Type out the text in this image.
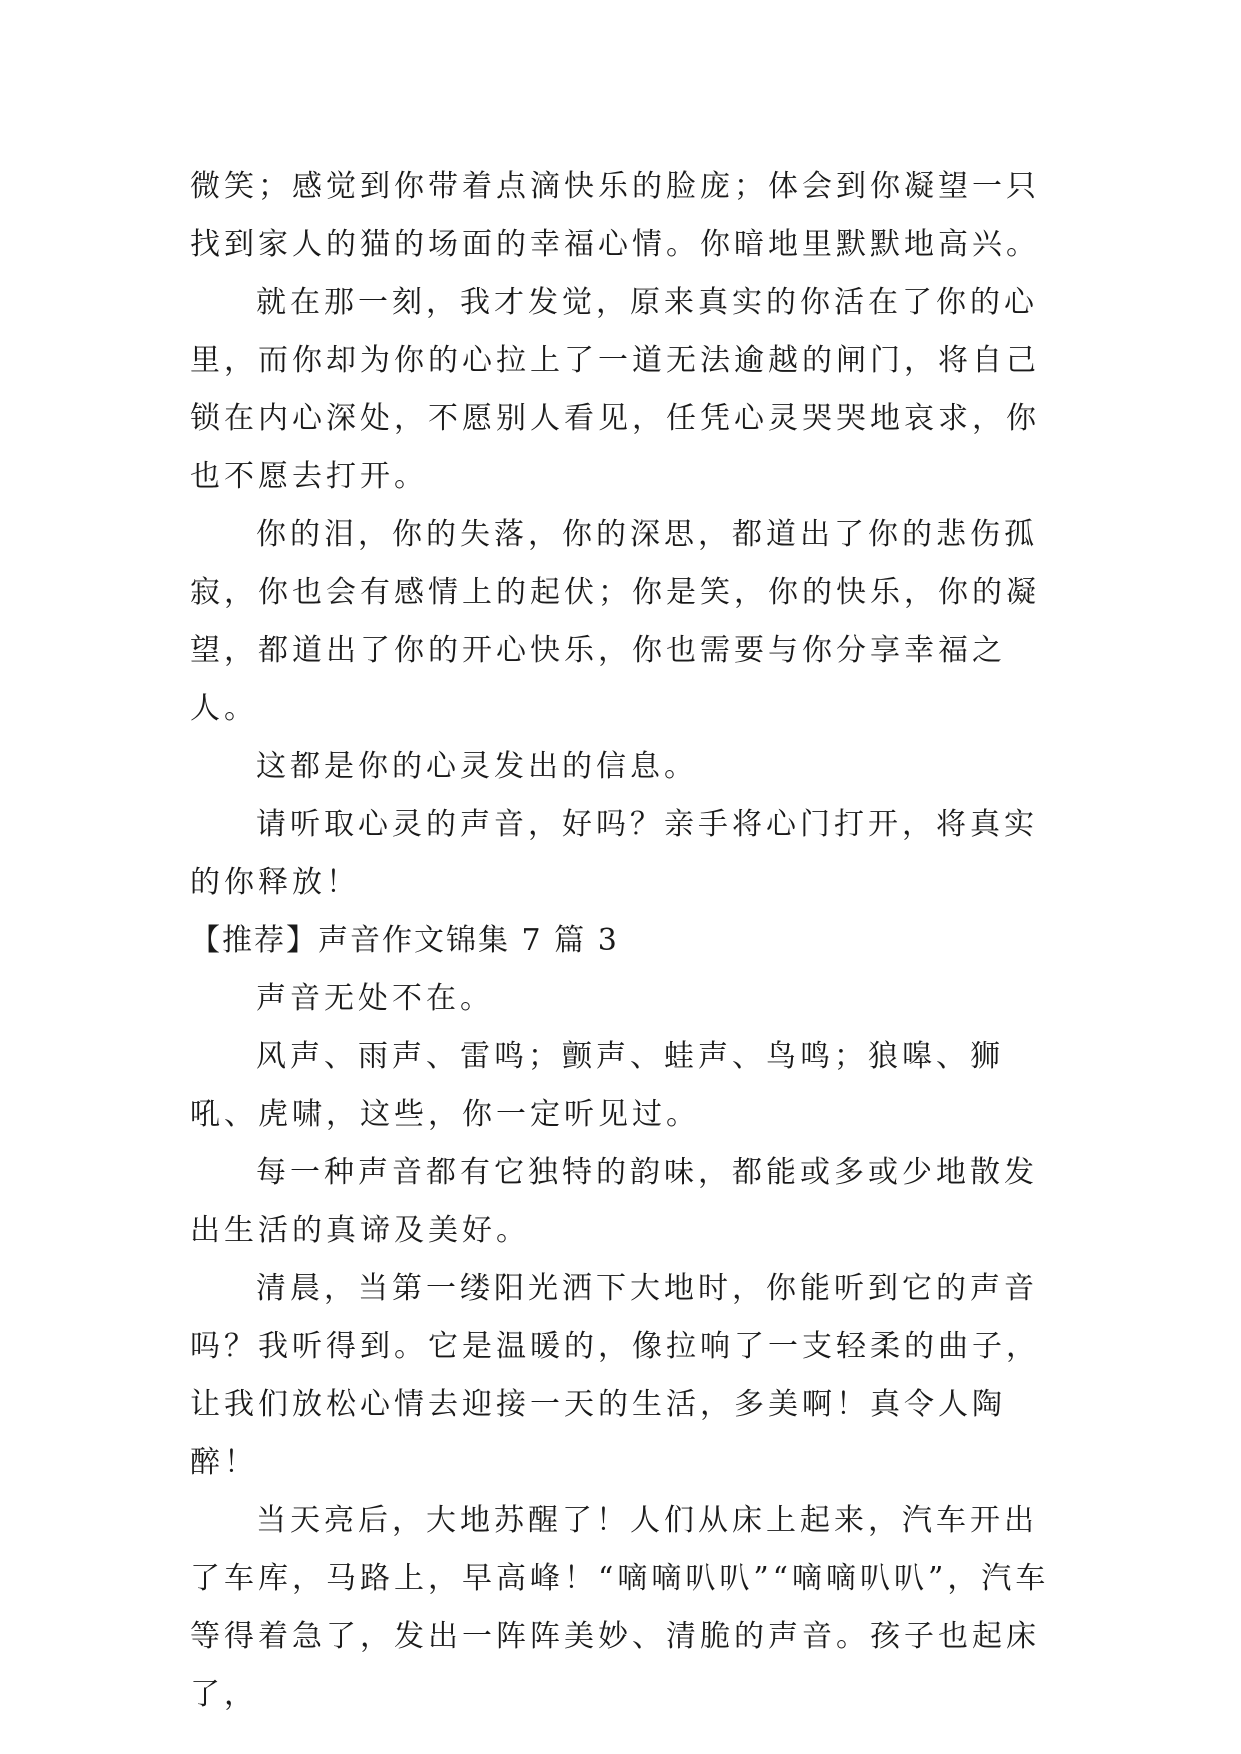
微笑；感觉到你带着点滴快乐的脸庞；体会到你凝望一只找到家人的猫的场面的幸福心情。你暗地里默默地高兴。

就在那一刻，我才发觉，原来真实的你活在了你的心里，而你却为你的心拉上了一道无法逾越的闸门，将自己锁在内心深处，不愿别人看见，任凭心灵哭哭地哀求，你也不愿去打开。

你的泪，你的失落，你的深思，都道出了你的悲伤孤寂，你也会有感情上的起伏；你是笑，你的快乐，你的凝望，都道出了你的开心快乐，你也需要与你分享幸福之人。

这都是你的心灵发出的信息。

请听取心灵的声音，好吗？亲手将心门打开，将真实的你释放！

【推荐】声音作文锦集 7 篇 3

声音无处不在。

风声、雨声、雷鸣；颤声、蛙声、鸟鸣；狼嗥、狮吼、虎啸，这些，你一定听见过。

每一种声音都有它独特的韵味，都能或多或少地散发出生活的真谛及美好。

清晨，当第一缕阳光洒下大地时，你能听到它的声音吗？我听得到。它是温暖的，像拉响了一支轻柔的曲子，让我们放松心情去迎接一天的生活，多美啊！真令人陶醉！

当天亮后，大地苏醒了！人们从床上起来，汽车开出了车库，马路上，早高峰！“嘀嘀叭叭”“嘀嘀叭叭”，汽车等得着急了，发出一阵阵美妙、清脆的声音。孩子也起床了，
